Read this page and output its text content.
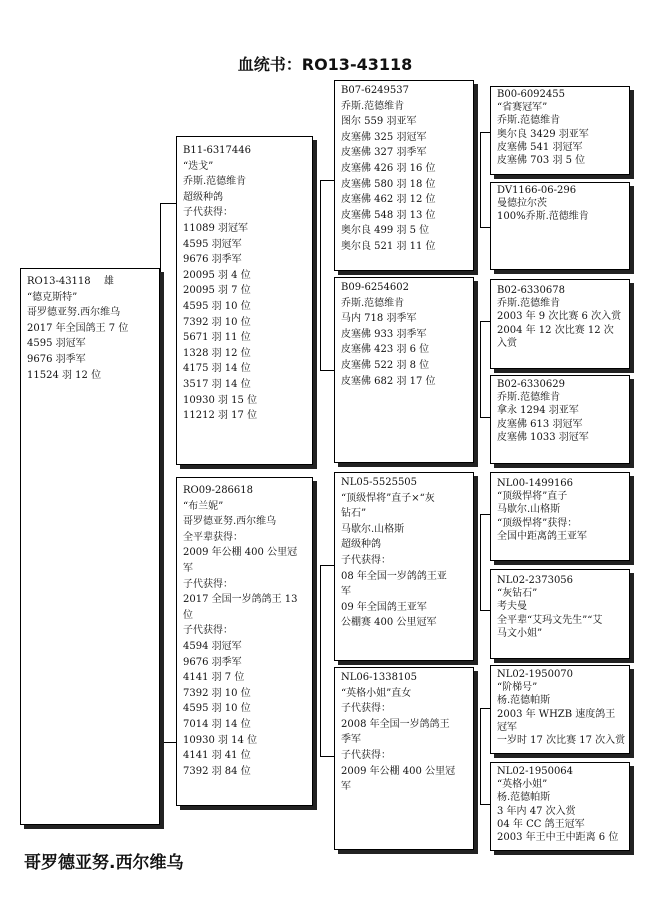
血统书：RO13-43118
RO13-43118　 雄
“德克斯特”
哥罗德亚努.西尔维乌
2017 年全国鸽王 7 位
4595 羽冠军
9676 羽季军
11524 羽 12 位
B11-6317446
“迭戈”
乔斯.范德维肯
超级种鸽
子代获得：
11089 羽冠军
4595 羽冠军
9676 羽季军
20095 羽 4 位
20095 羽 7 位
4595 羽 10 位
7392 羽 10 位
5671 羽 11 位
1328 羽 12 位
4175 羽 14 位
3517 羽 14 位
10930 羽 15 位
11212 羽 17 位
RO09-286618
“布兰妮”
哥罗德亚努.西尔维乌
全平辈获得：
2009 年公棚 400 公里冠
军
子代获得：
2017 全国一岁鸽鸽王 13
位
子代获得：
4594 羽冠军
9676 羽季军
4141 羽 7 位
7392 羽 10 位
4595 羽 10 位
7014 羽 14 位
10930 羽 14 位
4141 羽 41 位
7392 羽 84 位
B07-6249537
乔斯.范德维肯
图尔 559 羽亚军
皮塞佛 325 羽冠军
皮塞佛 327 羽季军
皮塞佛 426 羽 16 位
皮塞佛 580 羽 18 位
皮塞佛 462 羽 12 位
皮塞佛 548 羽 13 位
奥尔良 499 羽 5 位
奥尔良 521 羽 11 位
B09-6254602
乔斯.范德维肯
马内 718 羽季军
皮塞佛 933 羽季军
皮塞佛 423 羽 6 位
皮塞佛 522 羽 8 位
皮塞佛 682 羽 17 位
NL05-5525505
“顶级悍将”直子×“灰
钻石”
马歇尔.山格斯
超级种鸽
子代获得：
08 年全国一岁鸽鸽王亚
军
09 年全国鸽王亚军
公棚赛 400 公里冠军
NL06-1338105
“英格小姐”直女
子代获得：
2008 年全国一岁鸽鸽王
季军
子代获得：
2009 年公棚 400 公里冠
军
B00-6092455
“省赛冠军”
乔斯.范德维肯
奥尔良 3429 羽亚军
皮塞佛 541 羽冠军
皮塞佛 703 羽 5 位
DV1166-06-296
曼德拉尔茨
100%乔斯.范德维肯
B02-6330678
乔斯.范德维肯
2003 年 9 次比赛 6 次入赏
2004 年 12 次比赛 12 次
入赏
B02-6330629
乔斯.范德维肯
拿永 1294 羽亚军
皮塞佛 613 羽冠军
皮塞佛 1033 羽冠军
NL00-1499166
“顶级悍将”直子
马歇尔.山格斯
“顶级悍将”获得：
全国中距离鸽王亚军
NL02-2373056
“灰钻石”
考夫曼
全平辈“艾玛文先生”“艾
马文小姐”
NL02-1950070
“阶梯号”
杨.范德帕斯
2003 年 WHZB 速度鸽王
冠军
一岁时 17 次比赛 17 次入赏
NL02-1950064
“英格小姐”
杨.范德帕斯
3 年内 47 次入赏
04 年 CC 鸽王冠军
2003 年王中王中距离 6 位
哥罗德亚努.西尔维乌
